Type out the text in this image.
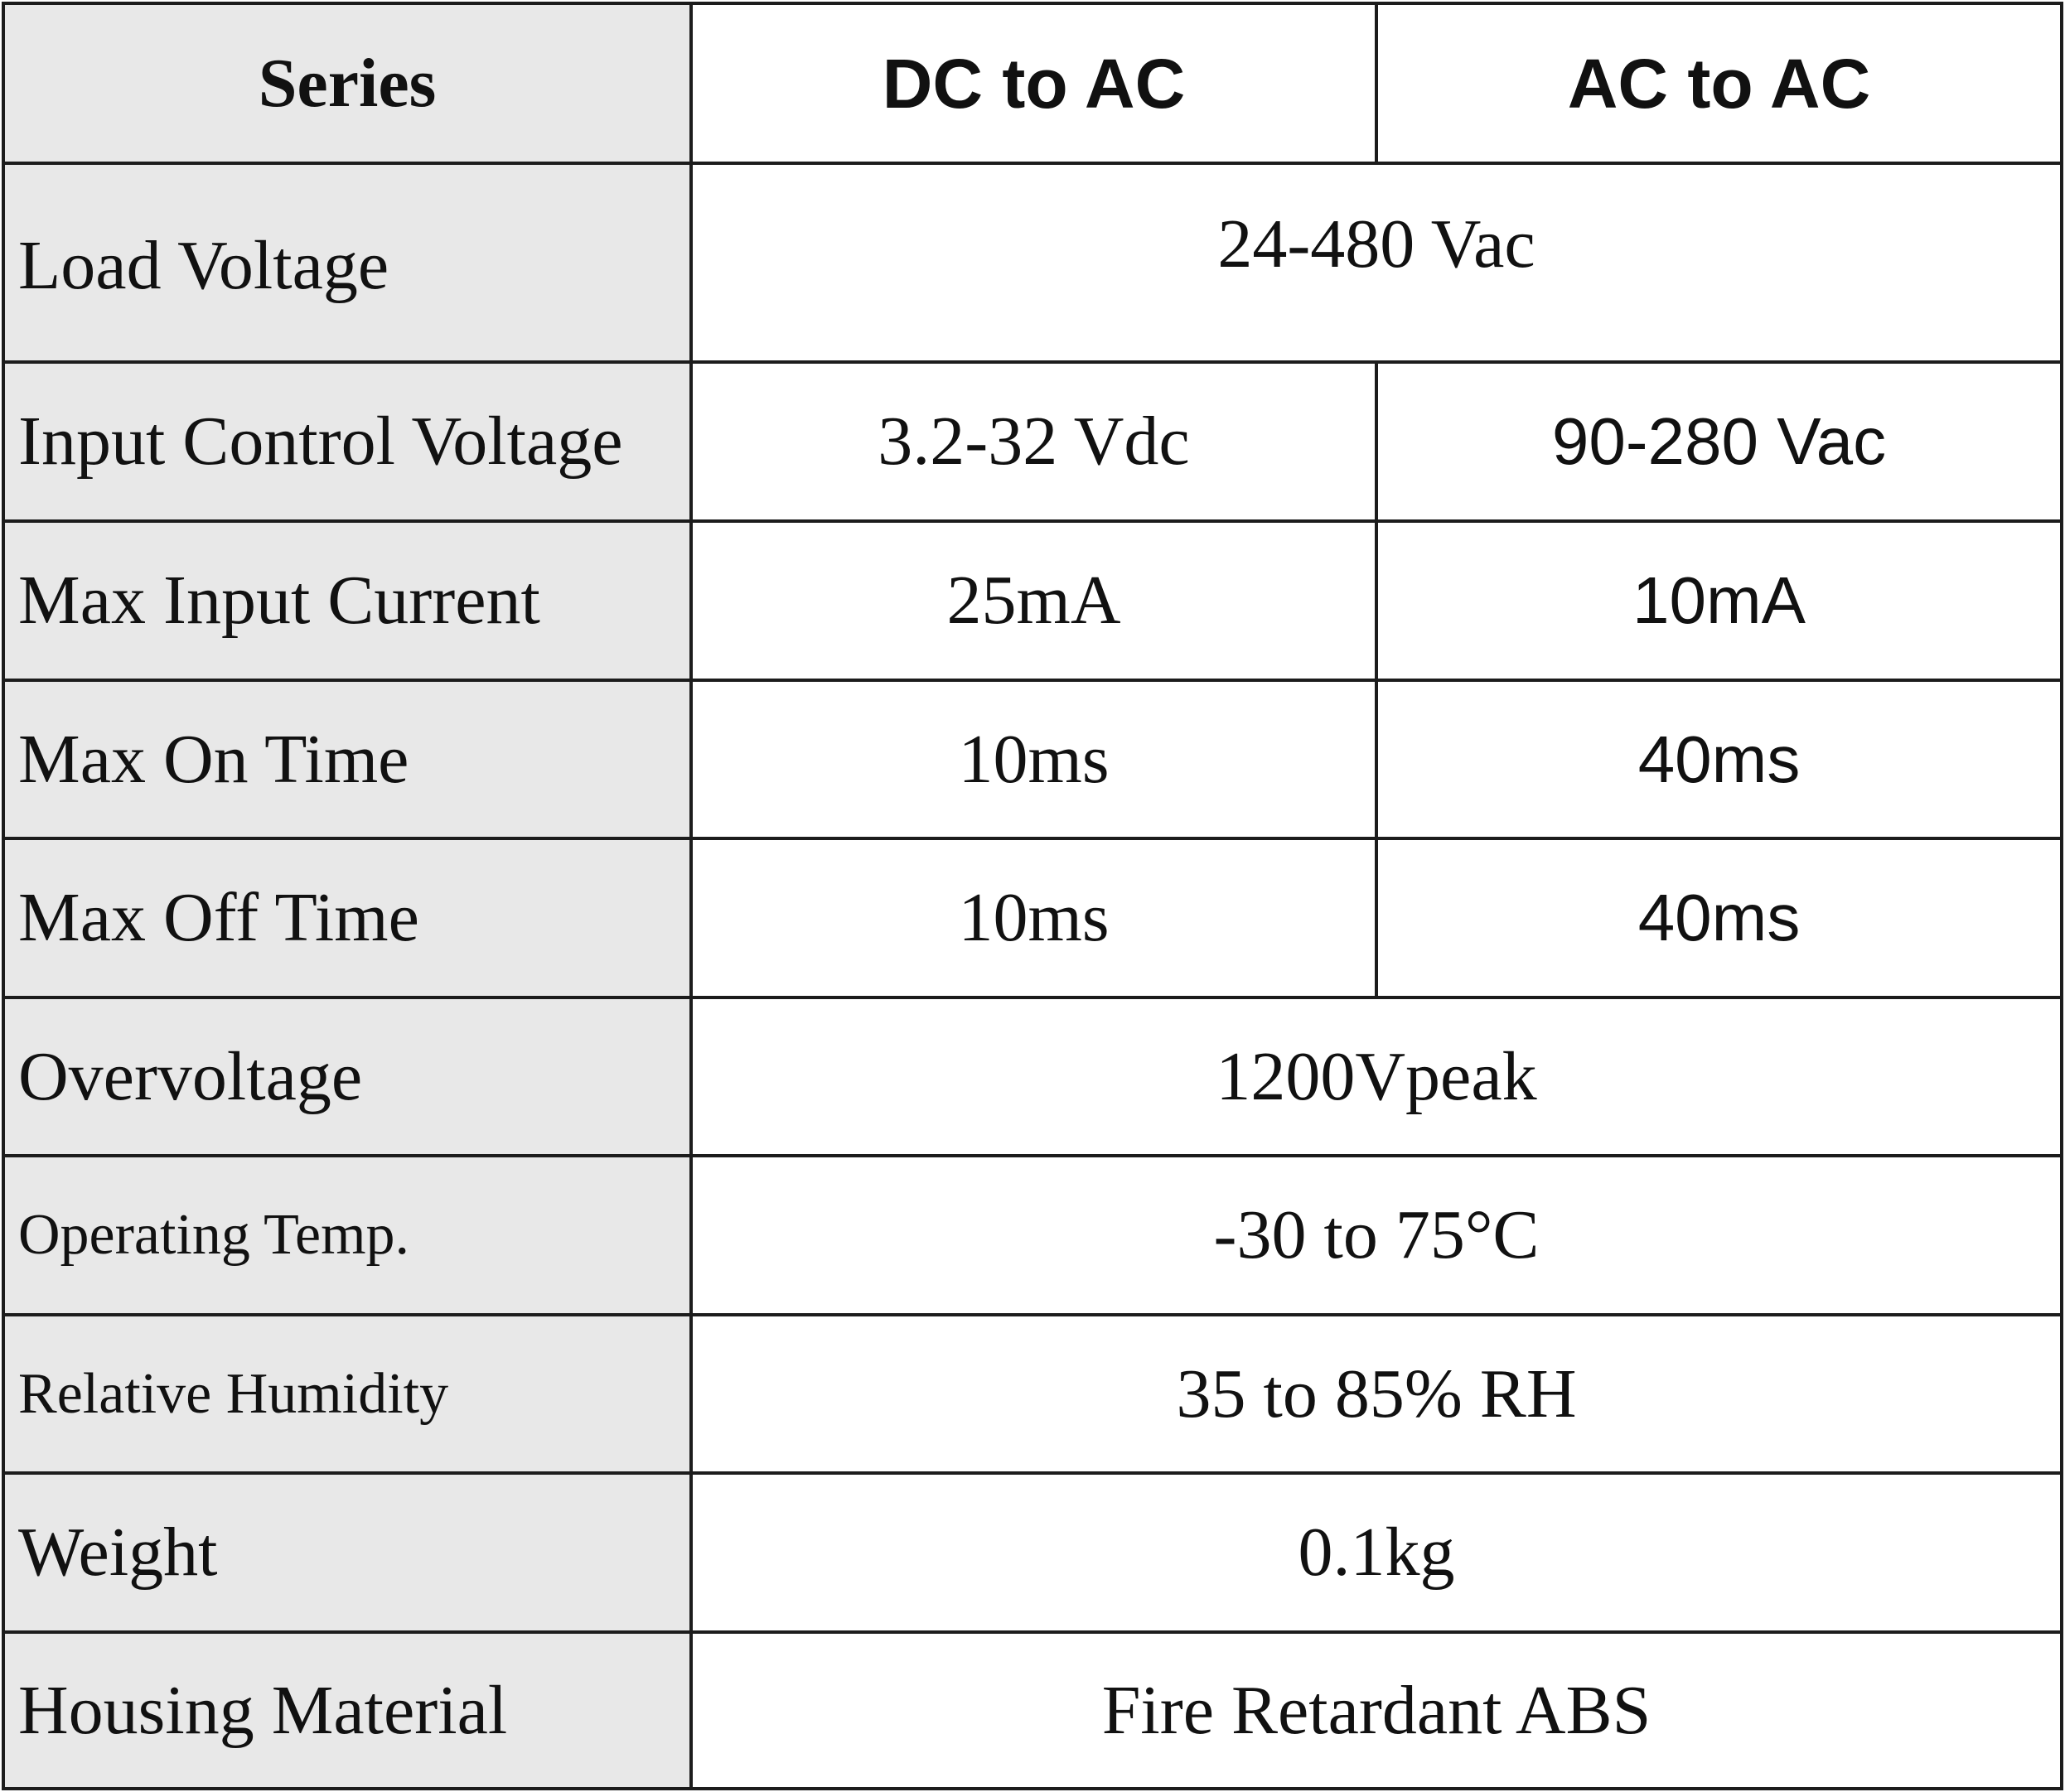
Series	DC to AC	AC to AC
Load Voltage	24-480 Vac	
Input Control Voltage	3.2-32 Vdc	90-280 Vac
Max Input Current	25mA	10mA
Max On Time	10ms	40ms
Max Off Time	10ms	40ms
Overvoltage	1200Vpeak	
Operating Temp.	-30 to 75°C	
Relative Humidity	35 to 85% RH	
Weight	0.1kg	
Housing Material	Fire Retardant ABS	
